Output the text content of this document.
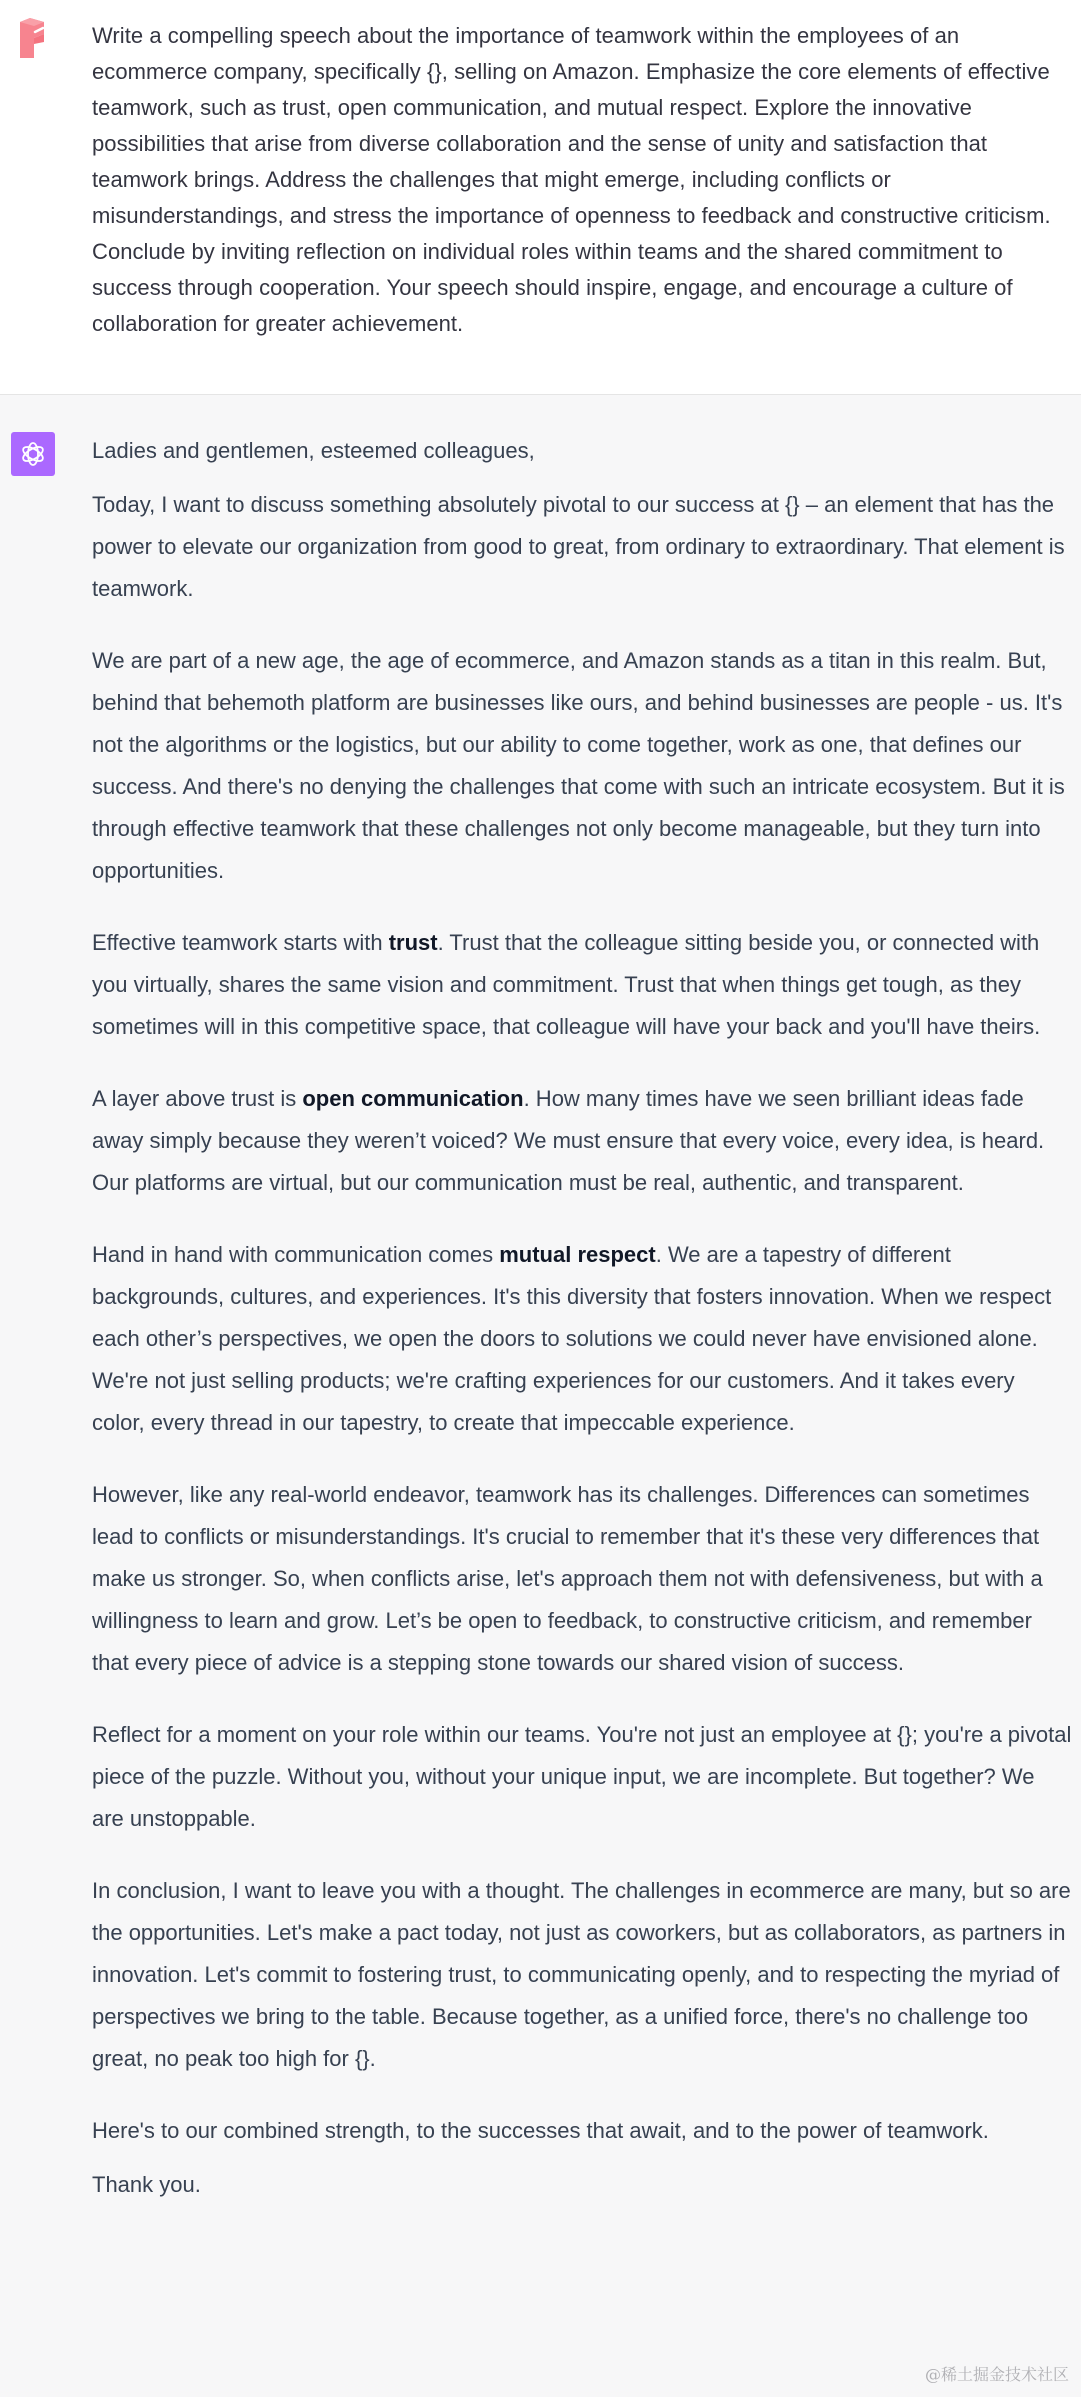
Write a compelling speech about the importance of teamwork within the employees of an ecommerce company, specifically {}, selling on Amazon. Emphasize the core elements of effective teamwork, such as trust, open communication, and mutual respect. Explore the innovative possibilities that arise from diverse collaboration and the sense of unity and satisfaction that teamwork brings. Address the challenges that might emerge, including conflicts or misunderstandings, and stress the importance of openness to feedback and constructive criticism. Conclude by inviting reflection on individual roles within teams and the shared commitment to success through cooperation. Your speech should inspire, engage, and encourage a culture of collaboration for greater achievement.

Ladies and gentlemen, esteemed colleagues,

Today, I want to discuss something absolutely pivotal to our success at {} – an element that has the power to elevate our organization from good to great, from ordinary to extraordinary. That element is teamwork.

We are part of a new age, the age of ecommerce, and Amazon stands as a titan in this realm. But, behind that behemoth platform are businesses like ours, and behind businesses are people - us. It's not the algorithms or the logistics, but our ability to come together, work as one, that defines our success. And there's no denying the challenges that come with such an intricate ecosystem. But it is through effective teamwork that these challenges not only become manageable, but they turn into opportunities.

Effective teamwork starts with trust. Trust that the colleague sitting beside you, or connected with you virtually, shares the same vision and commitment. Trust that when things get tough, as they sometimes will in this competitive space, that colleague will have your back and you'll have theirs.

A layer above trust is open communication. How many times have we seen brilliant ideas fade away simply because they weren’t voiced? We must ensure that every voice, every idea, is heard. Our platforms are virtual, but our communication must be real, authentic, and transparent.

Hand in hand with communication comes mutual respect. We are a tapestry of different backgrounds, cultures, and experiences. It's this diversity that fosters innovation. When we respect each other’s perspectives, we open the doors to solutions we could never have envisioned alone. We're not just selling products; we're crafting experiences for our customers. And it takes every color, every thread in our tapestry, to create that impeccable experience.

However, like any real-world endeavor, teamwork has its challenges. Differences can sometimes lead to conflicts or misunderstandings. It's crucial to remember that it's these very differences that make us stronger. So, when conflicts arise, let's approach them not with defensiveness, but with a willingness to learn and grow. Let’s be open to feedback, to constructive criticism, and remember that every piece of advice is a stepping stone towards our shared vision of success.

Reflect for a moment on your role within our teams. You're not just an employee at {}; you're a pivotal piece of the puzzle. Without you, without your unique input, we are incomplete. But together? We are unstoppable.

In conclusion, I want to leave you with a thought. The challenges in ecommerce are many, but so are the opportunities. Let's make a pact today, not just as coworkers, but as collaborators, as partners in innovation. Let's commit to fostering trust, to communicating openly, and to respecting the myriad of perspectives we bring to the table. Because together, as a unified force, there's no challenge too great, no peak too high for {}.

Here's to our combined strength, to the successes that await, and to the power of teamwork.

Thank you.

@稀土掘金技术社区
